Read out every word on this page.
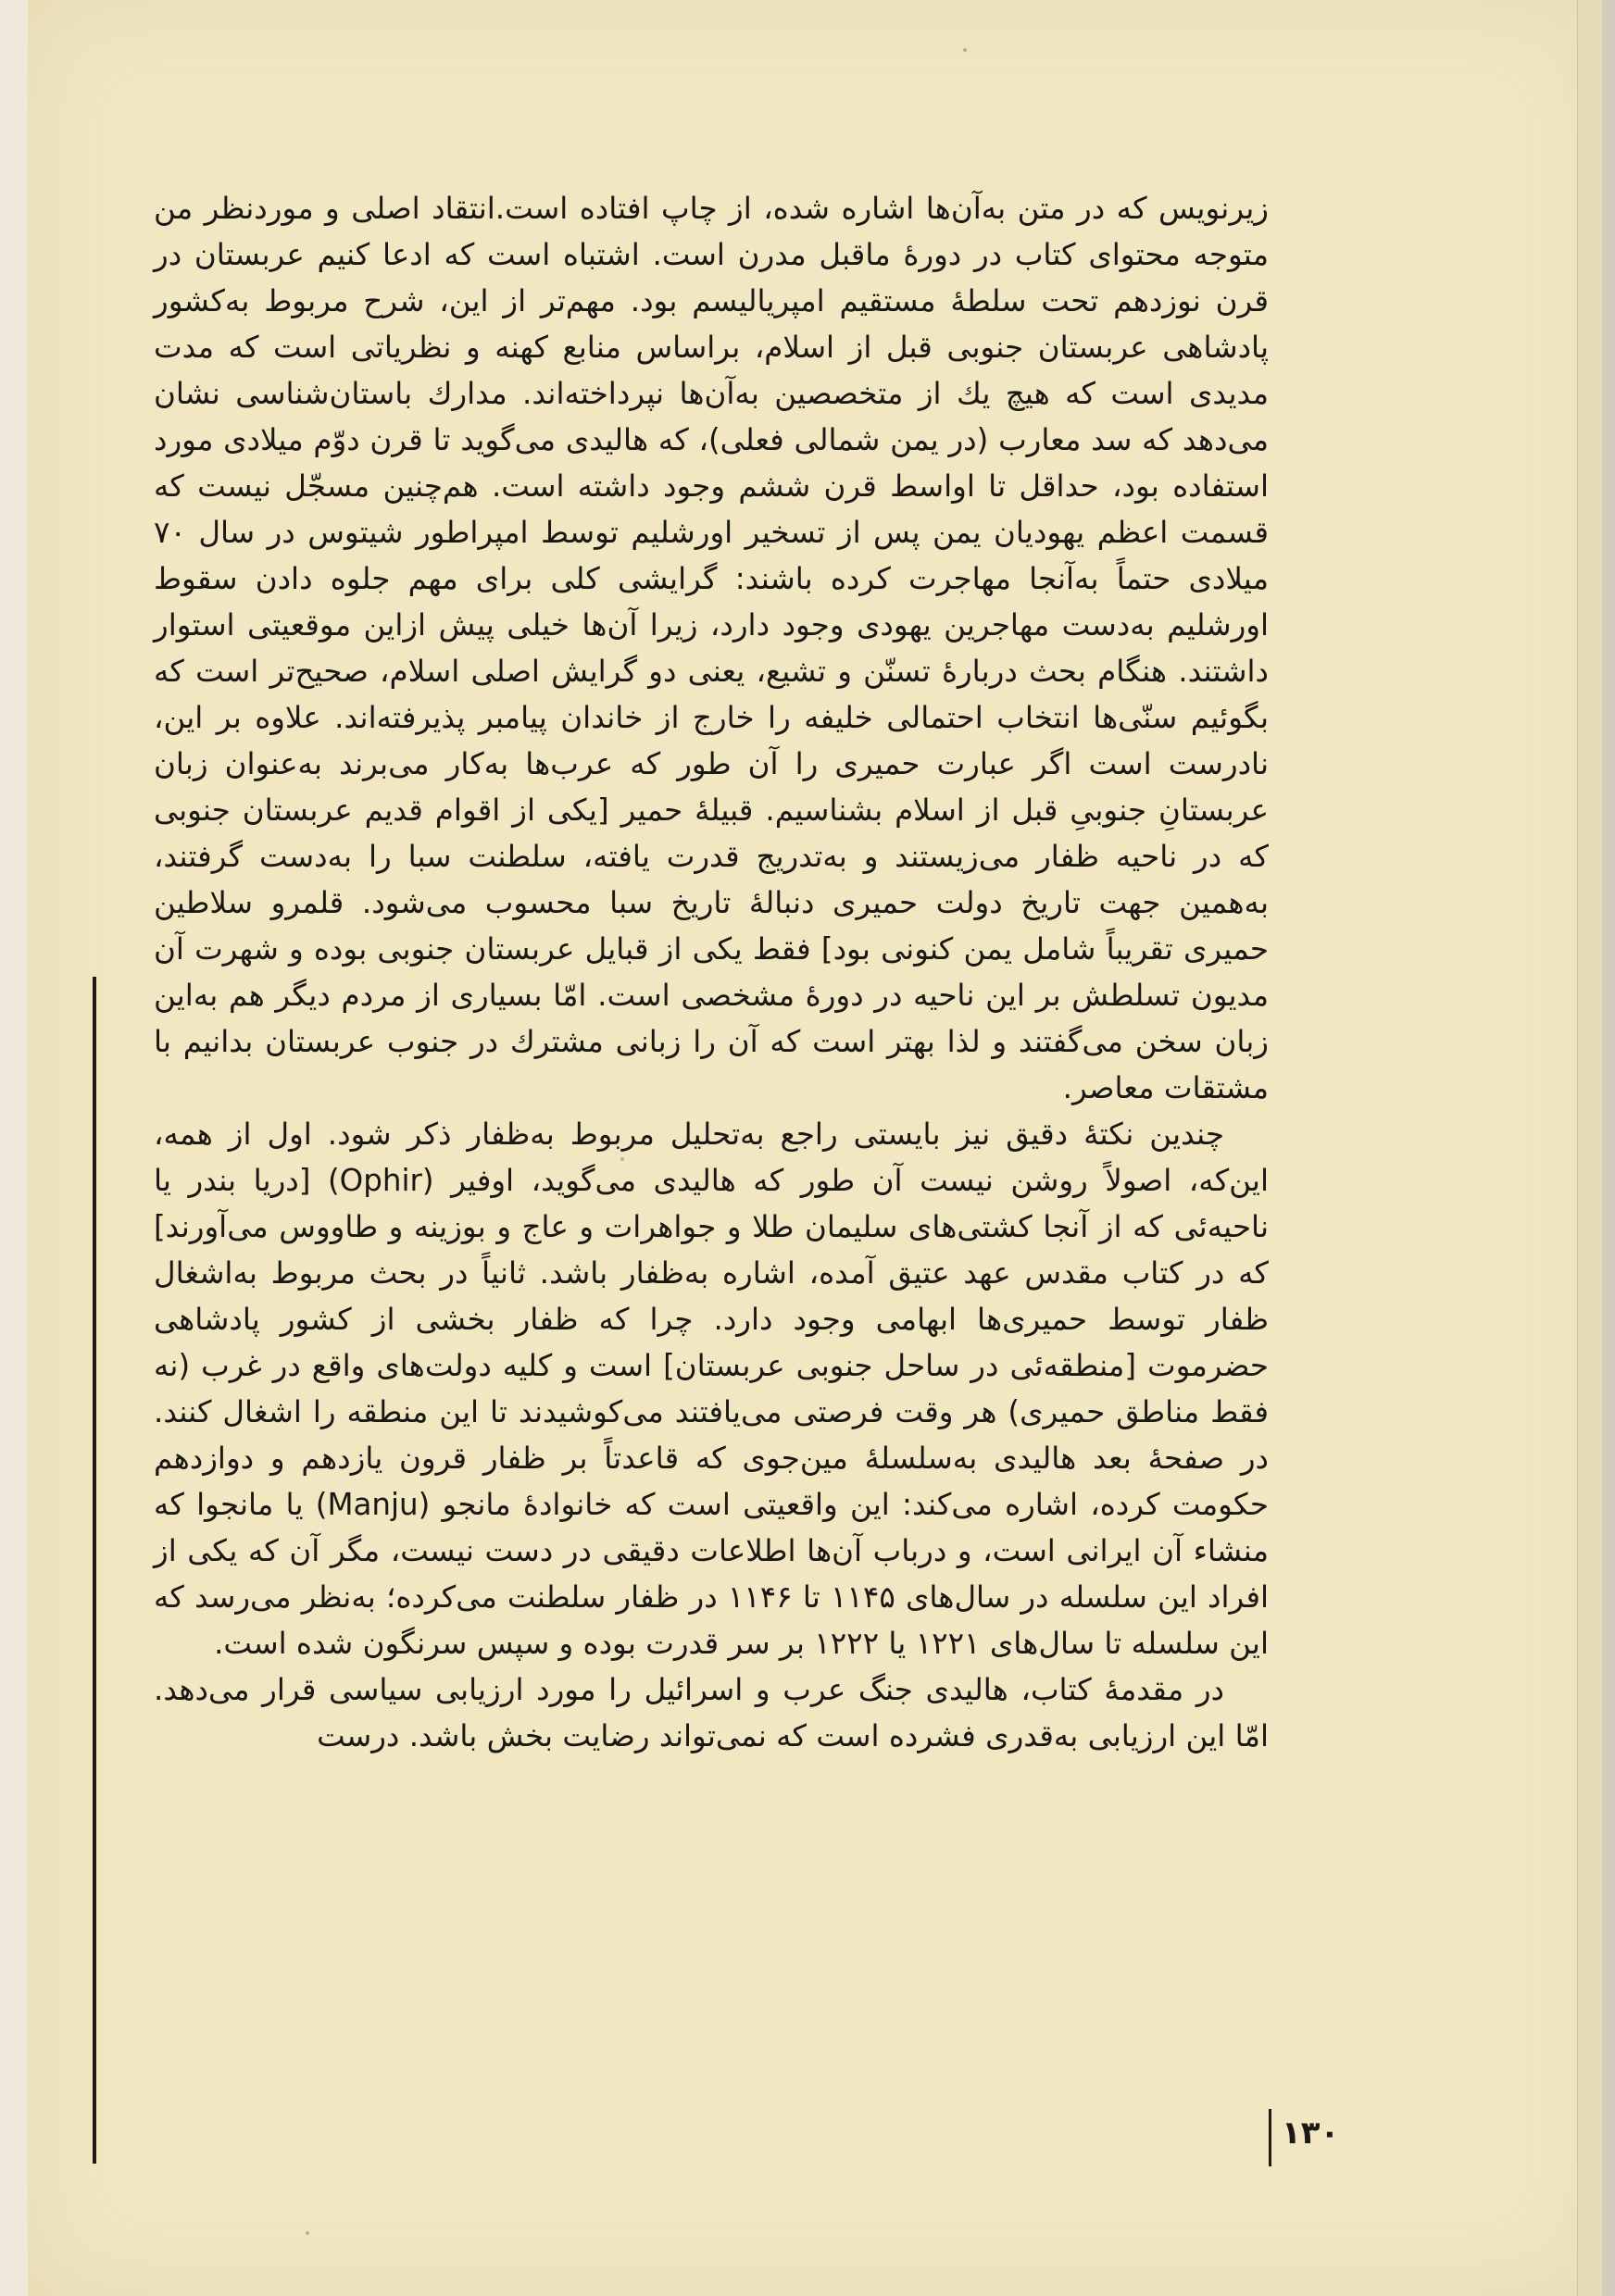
زیرنویس که در متن به‌آن‌ها اشاره شده، از چاپ افتاده است.انتقاد اصلی و موردنظر من متوجه محتوای کتاب در دورهٔ ماقبل مدرن است. اشتباه است که ادعا کنیم عربستان در قرن نوزدهم تحت سلطهٔ مستقیم امپریالیسم بود. مهم‌تر از این، شرح مربوط به‌کشور پادشاهی عربستان جنوبی قبل از اسلام، براساس منابع کهنه و نظریاتی است که مدت مدیدی است که هیچ یك از متخصصین به‌آن‌ها نپرداخته‌اند. مدارك باستان‌شناسی نشان می‌دهد که سد معارب (در یمن شمالی فعلی)، که هالیدی می‌گوید تا قرن دوّم میلادی مورد استفاده بود، حداقل تا اواسط قرن ششم وجود داشته است. هم‌چنین مسجّل نیست که قسمت اعظم یهودیان یمن پس از تسخیر اورشلیم توسط امپراطور شیتوس در سال ۷۰ میلادی حتماً به‌آنجا مهاجرت کرده باشند: گرایشی کلی برای مهم جلوه دادن سقوط اورشلیم به‌دست مهاجرین یهودی وجود دارد، زیرا آن‌ها خیلی پیش ازاین موقعیتی استوار داشتند. هنگام بحث دربارهٔ تسنّن و تشیع، یعنی دو گرایش اصلی اسلام، صحیح‌تر است که بگوئیم سنّی‌ها انتخاب احتمالی خلیفه را خارج از خاندان پیامبر پذیرفته‌اند. علاوه بر این، نادرست است اگر عبارت حمیری را آن طور که عرب‌ها به‌کار می‌برند به‌عنوان زبان عربستانِ جنوبیِ قبل از اسلام بشناسیم. قبیلهٔ حمیر [یکی از اقوام قدیم عربستان جنوبی که در ناحیه ظفار می‌زیستند و به‌تدریج قدرت یافته، سلطنت سبا را به‌دست گرفتند، به‌همین جهت تاریخ دولت حمیری دنبالهٔ تاریخ سبا محسوب می‌شود. قلمرو سلاطین حمیری تقریباً شامل یمن کنونی بود] فقط یکی از قبایل عربستان جنوبی بوده و شهرت آن مدیون تسلطش بر این ناحیه در دورهٔ مشخصی است. امّا بسیاری از مردم دیگر هم به‌این زبان سخن می‌گفتند و لذا بهتر است که آن را زبانی مشترك در جنوب عربستان بدانیم با مشتقات معاصر.

چندین نکتهٔ دقیق نیز بایستی راجع به‌تحلیل مربوط به‌ظفار ذکر شود. اول از همه، این‌که، اصولاً روشن نیست آن طور که هالیدی می‌گوید، اوفیر (Ophir) [دریا بندر یا ناحیه‌ئی که از آنجا کشتی‌های سلیمان طلا و جواهرات و عاج و بوزینه و طاووس می‌آورند] که در کتاب مقدس عهد عتیق آمده، اشاره به‌ظفار باشد. ثانیاً در بحث مربوط به‌اشغال ظفار توسط حمیری‌ها ابهامی وجود دارد. چرا که ظفار بخشی از کشور پادشاهی حضرموت [منطقه‌ئی در ساحل جنوبی عربستان] است و کلیه دولت‌های واقع در غرب (نه فقط مناطق حمیری) هر وقت فرصتی می‌یافتند می‌کوشیدند تا این منطقه را اشغال کنند. در صفحهٔ بعد هالیدی به‌سلسلهٔ مین‌جوی که قاعدتاً بر ظفار قرون یازدهم و دوازدهم حکومت کرده، اشاره می‌کند: این واقعیتی است که خانوادهٔ مانجو (Manju) یا مانجوا که منشاء آن ایرانی است، و درباب آن‌ها اطلاعات دقیقی در دست نیست، مگر آن که یکی از افراد این سلسله در سال‌های ۱۱۴۵ تا ۱۱۴۶ در ظفار سلطنت می‌کرده؛ به‌نظر می‌رسد که این سلسله تا سال‌های ۱۲۲۱ یا ۱۲۲۲ بر سر قدرت بوده و سپس سرنگون شده است.

در مقدمهٔ کتاب، هالیدی جنگ عرب و اسرائیل را مورد ارزیابی سیاسی قرار می‌دهد. امّا این ارزیابی به‌قدری فشرده است که نمی‌تواند رضایت بخش باشد. درست

١٣٠
